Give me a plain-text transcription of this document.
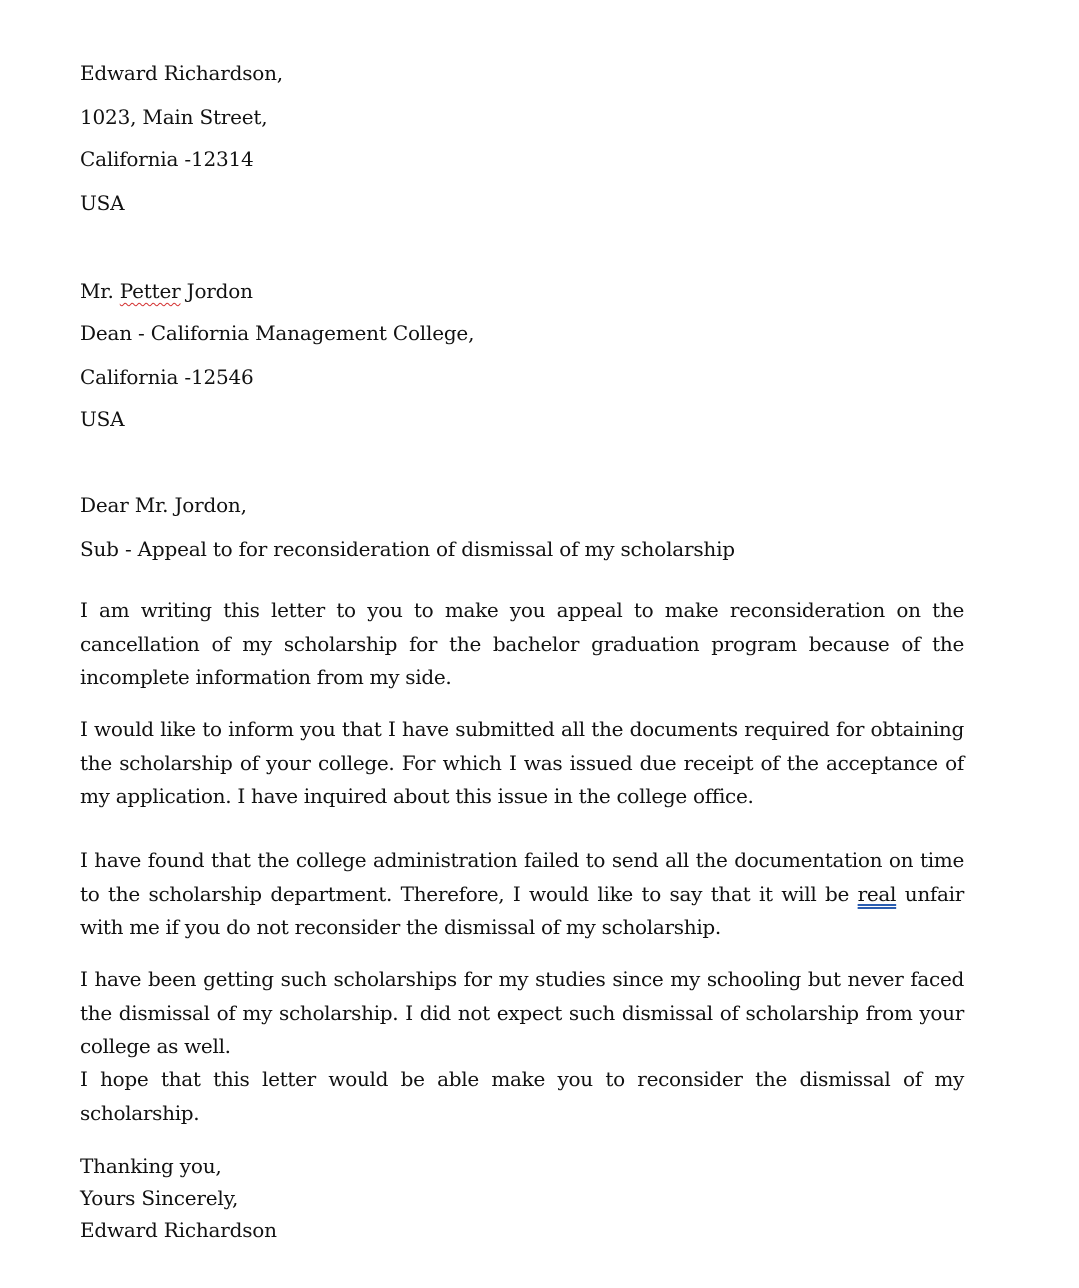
Edward Richardson,
1023, Main Street,
California -12314
USA
Mr. Petter Jordon
Dean - California Management College,
California -12546
USA
Dear Mr. Jordon,
Sub - Appeal to for reconsideration of dismissal of my scholarship

I am writing this letter to you to make you appeal to make reconsideration on the cancellation of my scholarship for the bachelor graduation program because of the incomplete information from my side.

I would like to inform you that I have submitted all the documents required for obtaining the scholarship of your college. For which I was issued due receipt of the acceptance of my application. I have inquired about this issue in the college office.

I have found that the college administration failed to send all the documentation on time to the scholarship department. Therefore, I would like to say that it will be real unfair with me if you do not reconsider the dismissal of my scholarship.

I have been getting such scholarships for my studies since my schooling but never faced the dismissal of my scholarship. I did not expect such dismissal of scholarship from your college as well.

I hope that this letter would be able make you to reconsider the dismissal of my scholarship.

Thanking you,
Yours Sincerely,
Edward Richardson
